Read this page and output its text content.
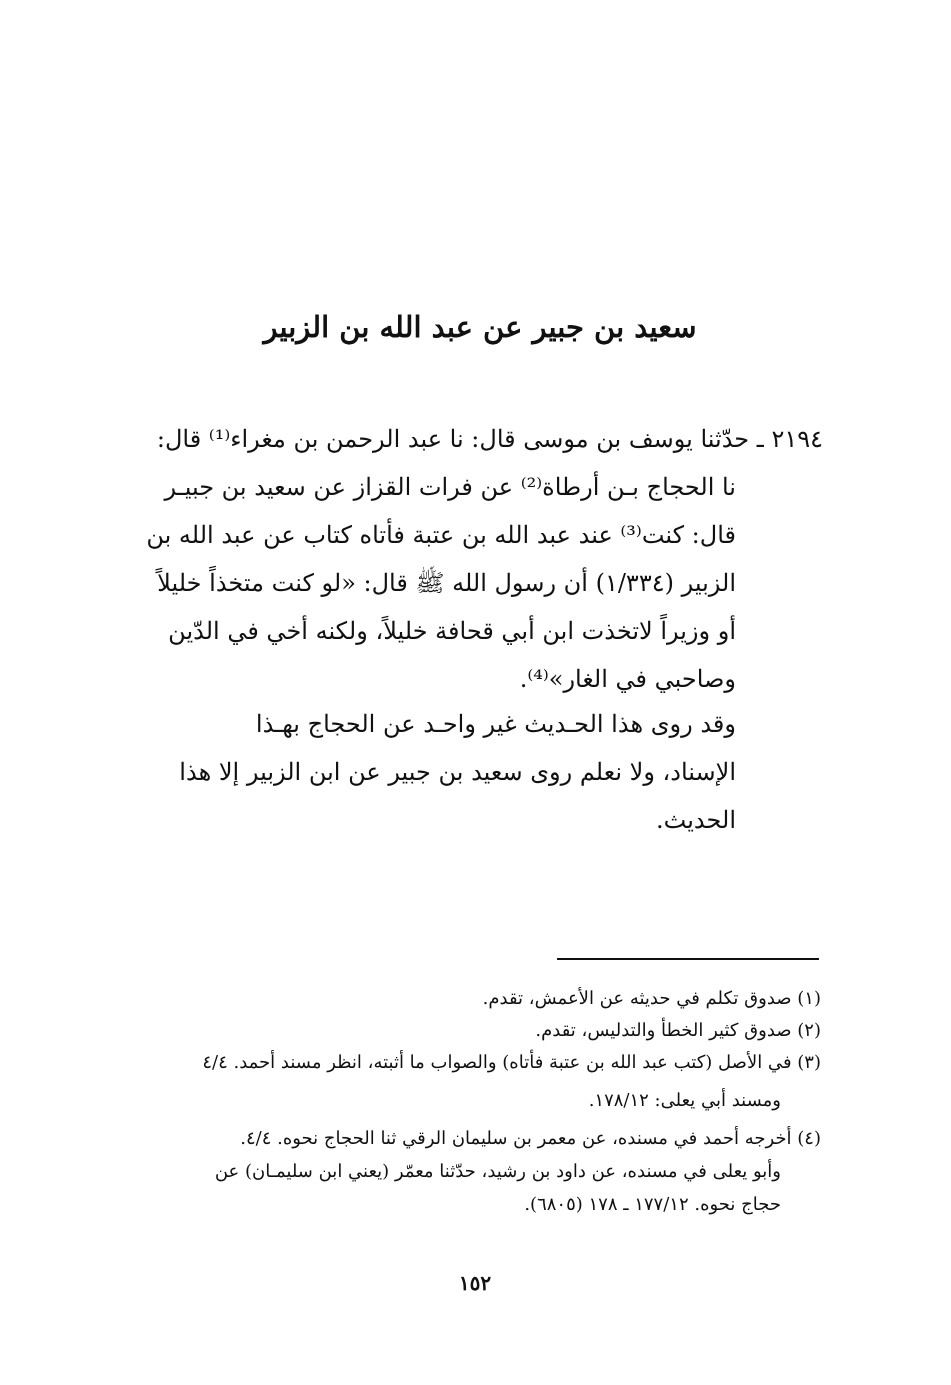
سعيد بن جبير عن عبد الله بن الزبير
٢١٩٤ ـ حدّثنا يوسف بن موسى قال: نا عبد الرحمن بن مغراء⁽¹⁾ قال:
نا الحجاج بـن أرطاة⁽²⁾ عن فرات القزاز عن سعيد بن جبيـر
قال: كنت⁽³⁾ عند عبد الله بن عتبة فأتاه كتاب عن عبد الله بن
الزبير (١/٣٣٤) أن رسول الله ﷺ قال: «لو كنت متخذاً خليلاً
أو وزيراً لاتخذت ابن أبي قحافة خليلاً، ولكنه أخي في الدّين
وصاحبي في الغار»⁽⁴⁾.
وقد روى هذا الحـديث غير واحـد عن الحجاج بهـذا
الإسناد، ولا نعلم روى سعيد بن جبير عن ابن الزبير إلا هذا
الحديث.
(١) صدوق تكلم في حديثه عن الأعمش، تقدم.
(٢) صدوق كثير الخطأ والتدليس، تقدم.
(٣) في الأصل (كتب عبد الله بن عتبة فأتاه) والصواب ما أثبته، انظر مسند أحمد. ٤/٤
ومسند أبي يعلى: ١٧٨/١٢.
(٤) أخرجه أحمد في مسنده، عن معمر بن سليمان الرقي ثنا الحجاج نحوه. ٤/٤.
وأبو يعلى في مسنده، عن داود بن رشيد، حدّثنا معمّر (يعني ابن سليمـان) عن
حجاج نحوه. ١٧٧/١٢ ـ ١٧٨ (٦٨٠٥).
١٥٢
